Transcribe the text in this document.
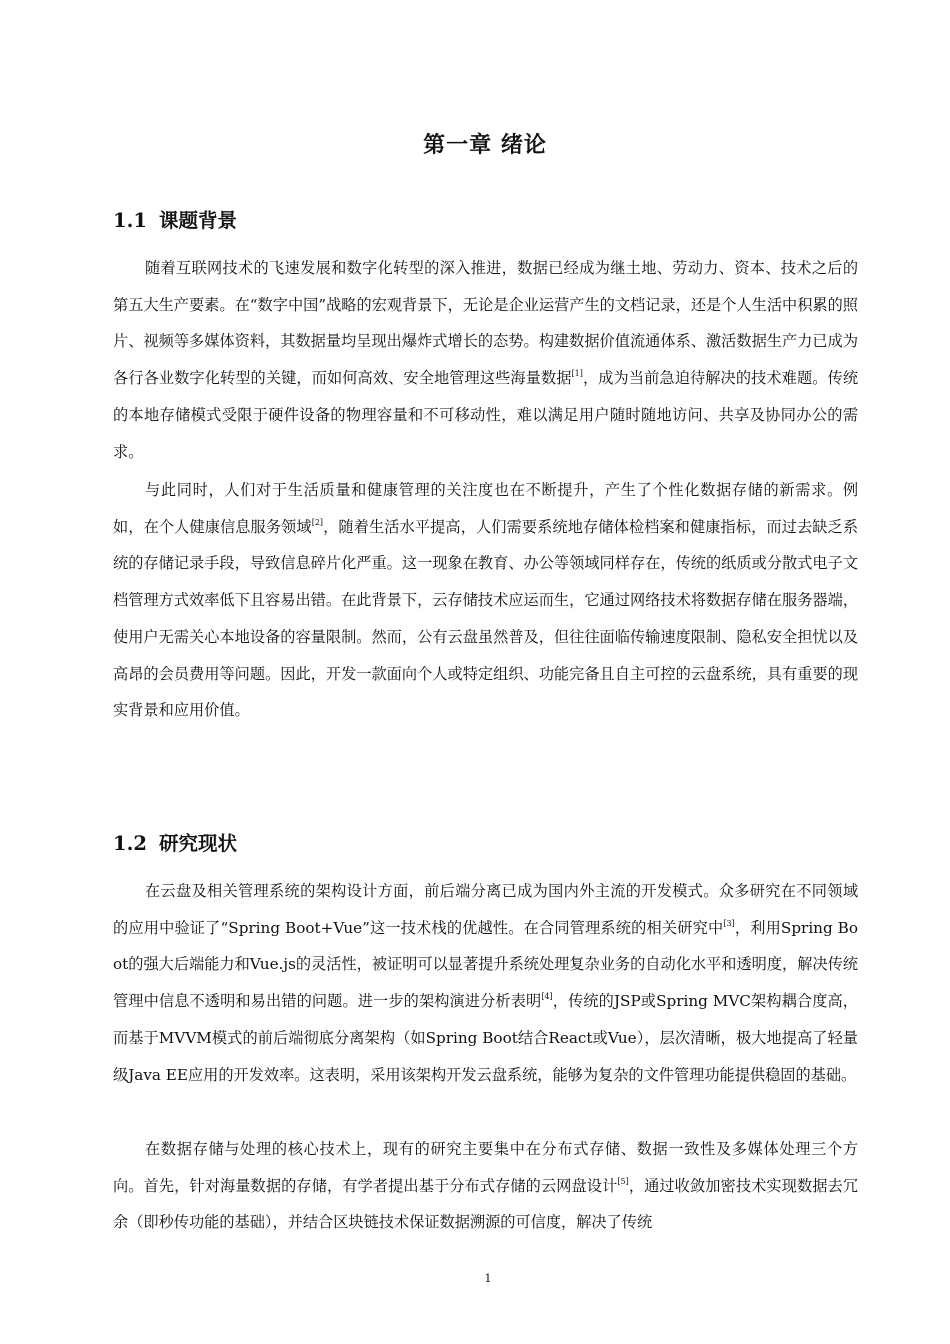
第一章 绪论
1.1 课题背景

随着互联网技术的飞速发展和数字化转型的深入推进，数据已经成为继土地、劳动力、资本、技术之后的第五大生产要素。在“数字中国”战略的宏观背景下，无论是企业运营产生的文档记录，还是个人生活中积累的照片、视频等多媒体资料，其数据量均呈现出爆炸式增长的态势。构建数据价值流通体系、激活数据生产力已成为各行各业数字化转型的关键，而如何高效、安全地管理这些海量数据[1]，成为当前急迫待解决的技术难题。传统的本地存储模式受限于硬件设备的物理容量和不可移动性，难以满足用户随时随地访问、共享及协同办公的需求。

与此同时，人们对于生活质量和健康管理的关注度也在不断提升，产生了个性化数据存储的新需求。例如，在个人健康信息服务领域[2]，随着生活水平提高，人们需要系统地存储体检档案和健康指标，而过去缺乏系统的存储记录手段，导致信息碎片化严重。这一现象在教育、办公等领域同样存在，传统的纸质或分散式电子文档管理方式效率低下且容易出错。在此背景下，云存储技术应运而生，它通过网络技术将数据存储在服务器端，使用户无需关心本地设备的容量限制。然而，公有云盘虽然普及，但往往面临传输速度限制、隐私安全担忧以及高昂的会员费用等问题。因此，开发一款面向个人或特定组织、功能完备且自主可控的云盘系统，具有重要的现实背景和应用价值。

1.2 研究现状

在云盘及相关管理系统的架构设计方面，前后端分离已成为国内外主流的开发模式。众多研究在不同领域的应用中验证了“Spring Boot+Vue”这一技术栈的优越性。在合同管理系统的相关研究中[3]，利用Spring Boot的强大后端能力和Vue.js的灵活性，被证明可以显著提升系统处理复杂业务的自动化水平和透明度，解决传统管理中信息不透明和易出错的问题。进一步的架构演进分析表明[4]，传统的JSP或Spring MVC架构耦合度高，而基于MVVM模式的前后端彻底分离架构（如Spring Boot结合React或Vue），层次清晰，极大地提高了轻量级Java EE应用的开发效率。这表明，采用该架构开发云盘系统，能够为复杂的文件管理功能提供稳固的基础。

在数据存储与处理的核心技术上，现有的研究主要集中在分布式存储、数据一致性及多媒体处理三个方向。首先，针对海量数据的存储，有学者提出基于分布式存储的云网盘设计[5]，通过收敛加密技术实现数据去冗余（即秒传功能的基础），并结合区块链技术保证数据溯源的可信度，解决了传统

1
